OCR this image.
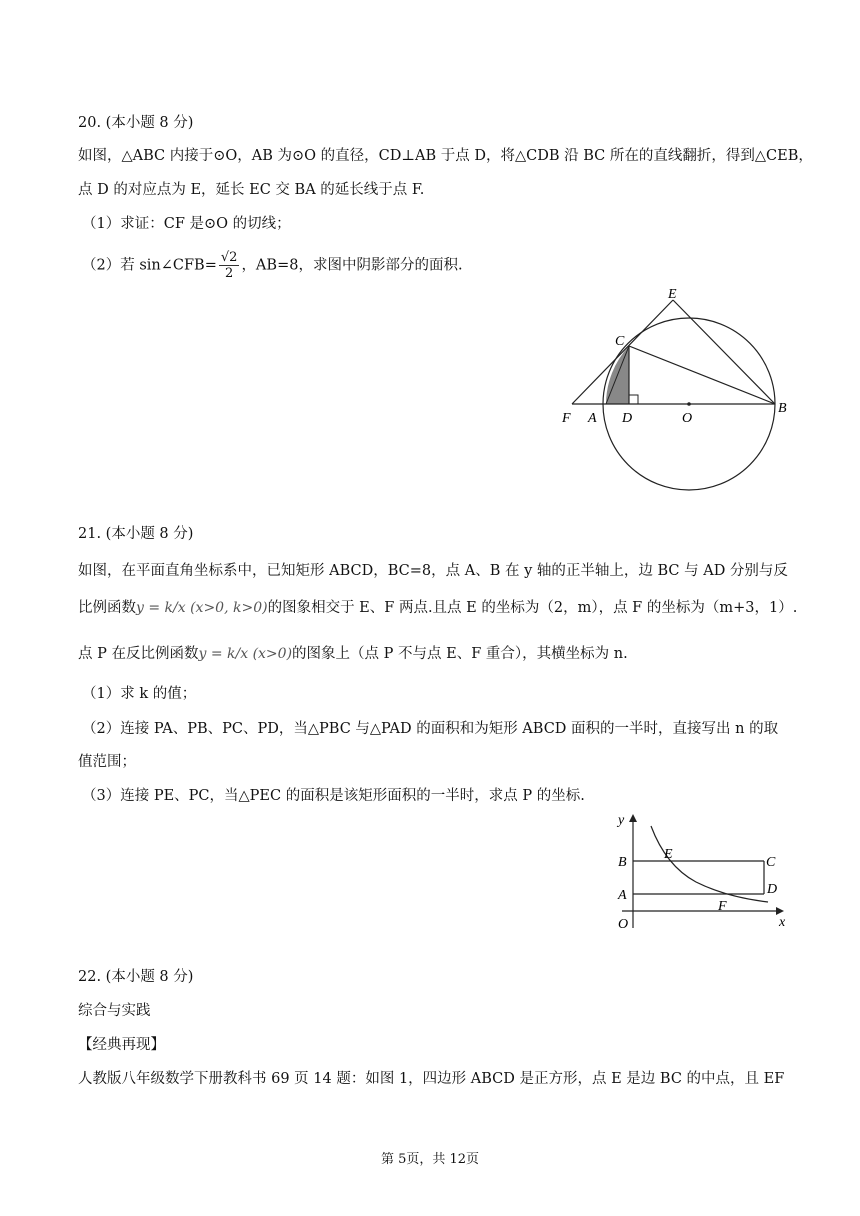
20. (本小题 8 分)
如图，△ABC 内接于⊙O，AB 为⊙O 的直径，CD⊥AB 于点 D，将△CDB 沿 BC 所在的直线翻折，得到△CEB，
点 D 的对应点为 E，延长 EC 交 BA 的延长线于点 F.
（1）求证：CF 是⊙O 的切线；
（2）若 sin∠CFB= $\frac{√2}{2}$ ，AB=8，求图中阴影部分的面积.
E
C
F A D	O
B
21. (本小题 8 分)
如图，在平面直角坐标系中，已知矩形 ABCD，BC=8，点 A、B 在 y 轴的正半轴上，边 BC 与 AD 分别与反
比例函数y = k/x (x>0, k>0)的图象相交于 E、F 两点.且点 E 的坐标为（2，m），点 F 的坐标为（m+3，1）.
点 P 在反比例函数y = k/x (x>0)的图象上（点 P 不与点 E、F 重合），其横坐标为 n.
（1）求 k 的值；
（2）连接 PA、PB、PC、PD，当△PBC 与△PAD 的面积和为矩形 ABCD 面积的一半时，直接写出 n 的取
值范围；
（3）连接 PE、PC，当△PEC 的面积是该矩形面积的一半时，求点 P 的坐标.
y
x
O
B
A
C
D
E
F
22. (本小题 8 分)
综合与实践
【经典再现】
人教版八年级数学下册教科书 69 页 14 题：如图 1，四边形 ABCD 是正方形，点 E 是边 BC 的中点，且 EF
第 5页，共 12页
